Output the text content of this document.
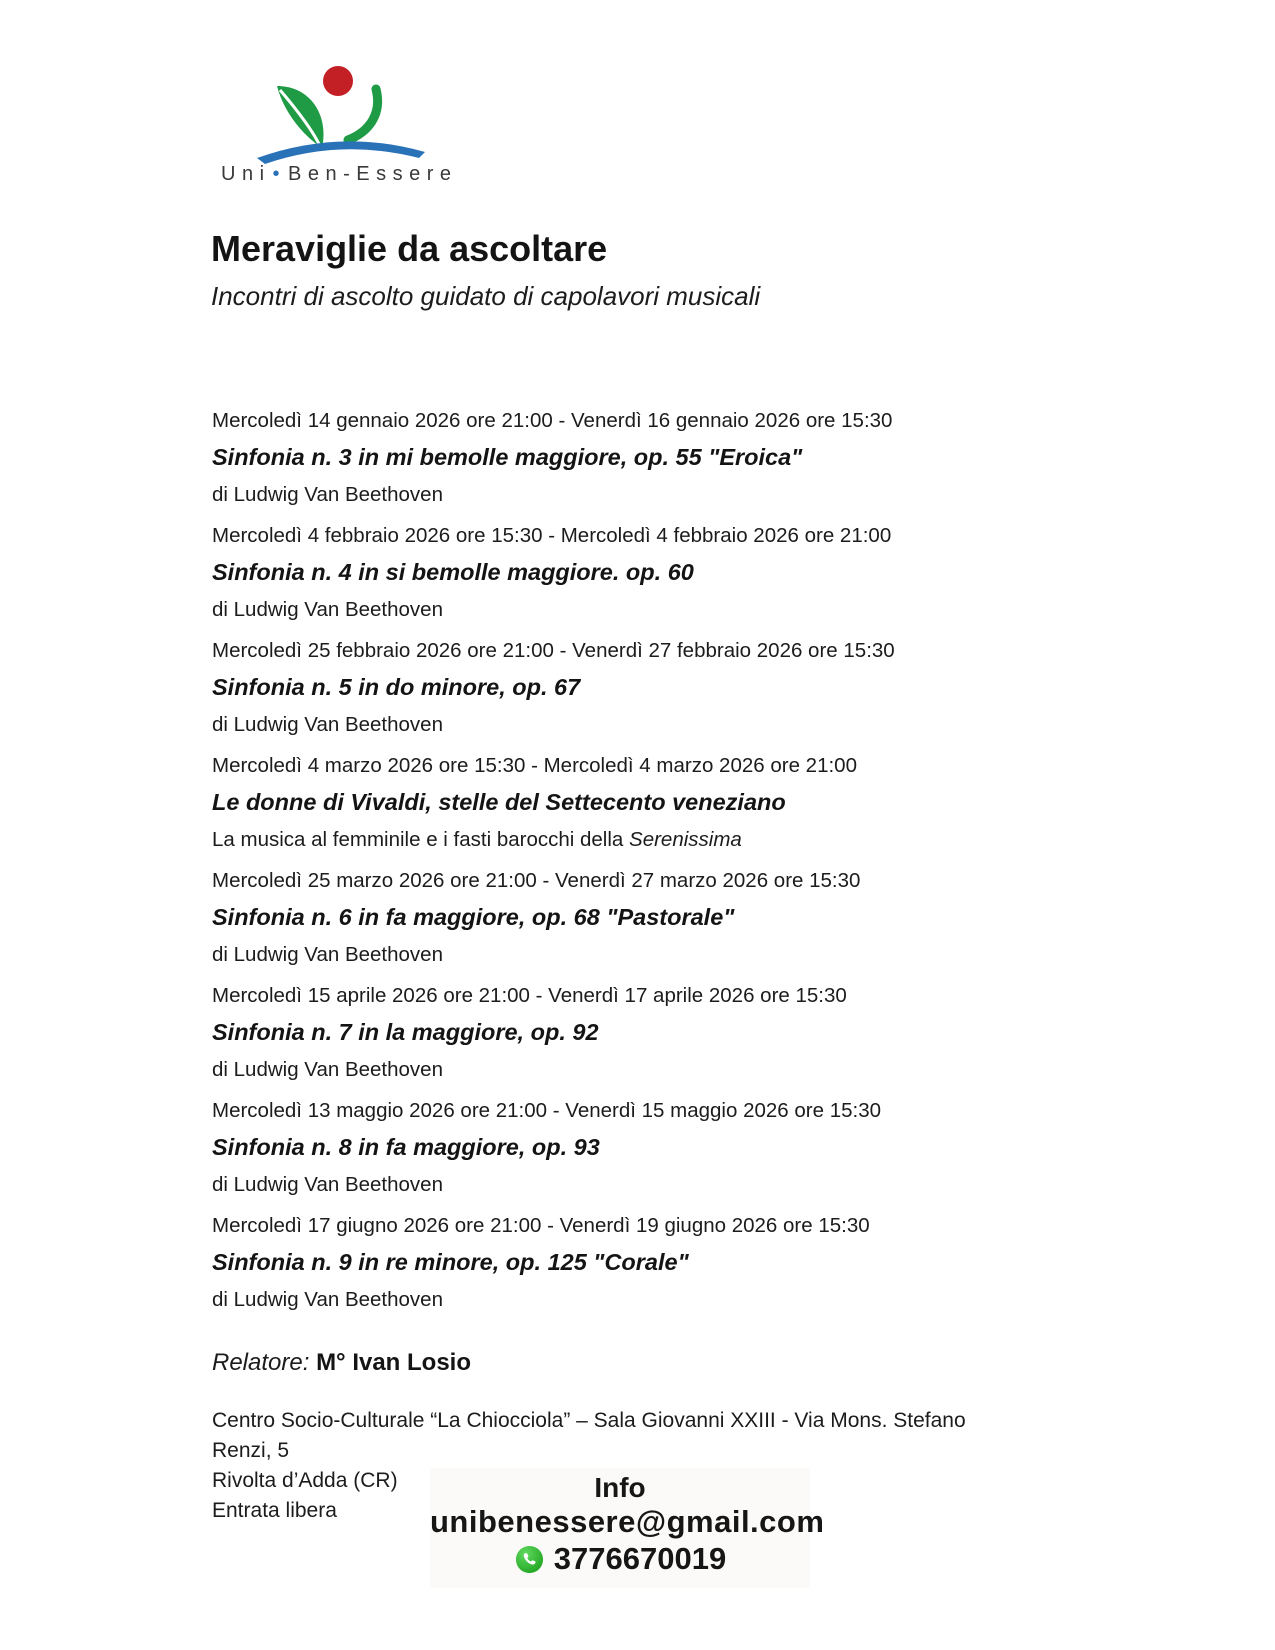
Uni • Ben-Essere
Meraviglie da ascoltare
Incontri di ascolto guidato di capolavori musicali
Mercoledì 14 gennaio 2026 ore 21:00 - Venerdì 16 gennaio 2026 ore 15:30
Sinfonia n. 3 in mi bemolle maggiore, op. 55 "Eroica"
di Ludwig Van Beethoven
Mercoledì 4 febbraio 2026 ore 15:30 - Mercoledì 4 febbraio 2026 ore 21:00
Sinfonia n. 4 in si bemolle maggiore. op. 60
di Ludwig Van Beethoven
Mercoledì 25 febbraio 2026 ore 21:00 - Venerdì 27 febbraio 2026 ore 15:30
Sinfonia n. 5 in do minore, op. 67
di Ludwig Van Beethoven
Mercoledì 4 marzo 2026 ore 15:30 - Mercoledì 4 marzo 2026 ore 21:00
Le donne di Vivaldi, stelle del Settecento veneziano
La musica al femminile e i fasti barocchi della Serenissima
Mercoledì 25 marzo 2026 ore 21:00 - Venerdì 27 marzo 2026 ore 15:30
Sinfonia n. 6 in fa maggiore, op. 68 "Pastorale"
di Ludwig Van Beethoven
Mercoledì 15 aprile 2026 ore 21:00 - Venerdì 17 aprile 2026 ore 15:30
Sinfonia n. 7 in la maggiore, op. 92
di Ludwig Van Beethoven
Mercoledì 13 maggio 2026 ore 21:00 - Venerdì 15 maggio 2026 ore 15:30
Sinfonia n. 8 in fa maggiore, op. 93
di Ludwig Van Beethoven
Mercoledì 17 giugno 2026 ore 21:00 - Venerdì 19 giugno 2026 ore 15:30
Sinfonia n. 9 in re minore, op. 125 "Corale"
di Ludwig Van Beethoven
Relatore: M° Ivan Losio
Centro Socio-Culturale “La Chiocciola” – Sala Giovanni XXIII - Via Mons. Stefano Renzi, 5
Rivolta d’Adda (CR)
Entrata libera
Info
unibenessere@gmail.com
3776670019
